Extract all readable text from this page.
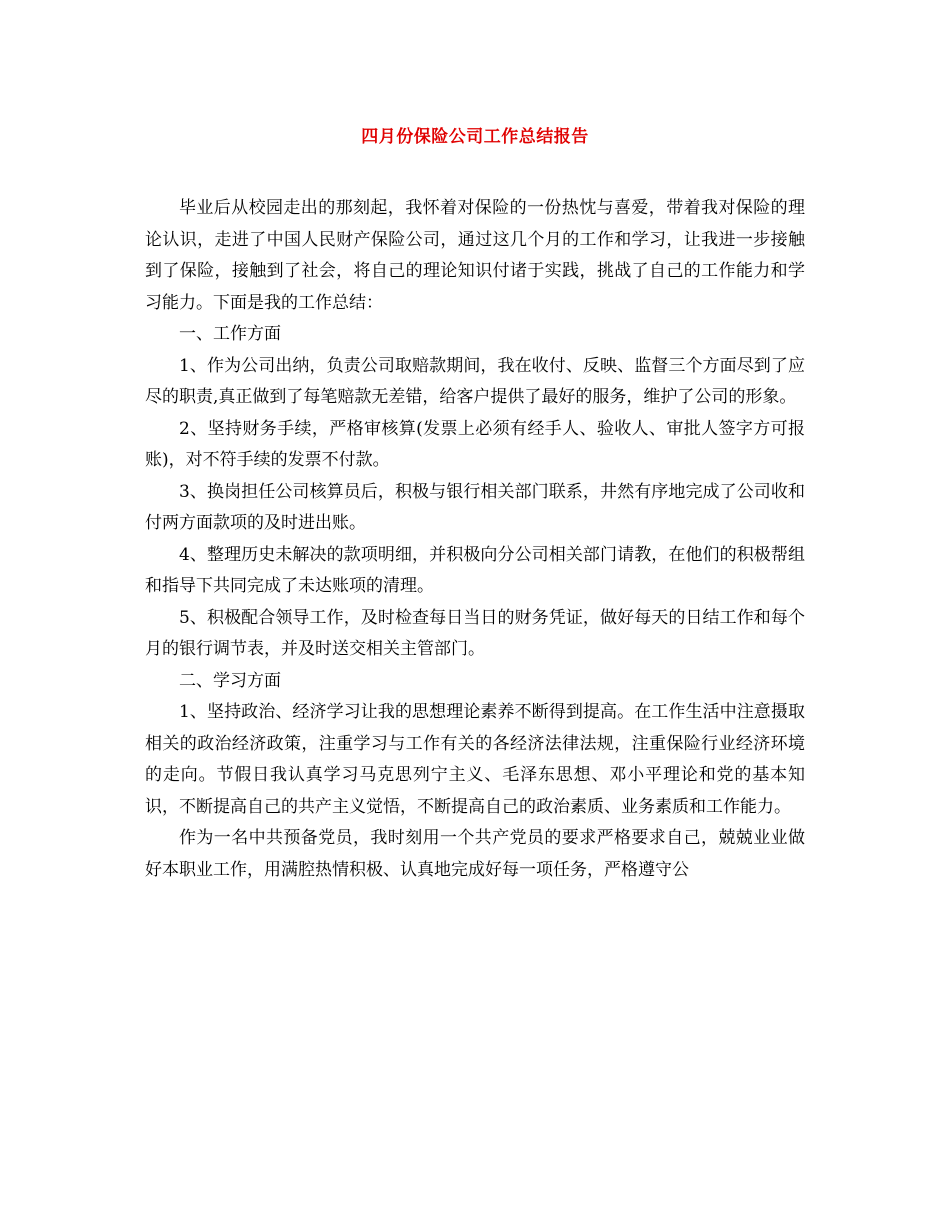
四月份保险公司工作总结报告

毕业后从校园走出的那刻起，我怀着对保险的一份热忱与喜爱，带着我对保险的理论认识，走进了中国人民财产保险公司，通过这几个月的工作和学习，让我进一步接触到了保险，接触到了社会，将自己的理论知识付诸于实践，挑战了自己的工作能力和学习能力。下面是我的工作总结：

一、工作方面

1、作为公司出纳，负责公司取赔款期间，我在收付、反映、监督三个方面尽到了应尽的职责,真正做到了每笔赔款无差错，给客户提供了最好的服务，维护了公司的形象。

2、坚持财务手续，严格审核算(发票上必须有经手人、验收人、审批人签字方可报账)，对不符手续的发票不付款。

3、换岗担任公司核算员后，积极与银行相关部门联系，井然有序地完成了公司收和付两方面款项的及时进出账。

4、整理历史未解决的款项明细，并积极向分公司相关部门请教，在他们的积极帮组和指导下共同完成了未达账项的清理。

5、积极配合领导工作，及时检查每日当日的财务凭证，做好每天的日结工作和每个月的银行调节表，并及时送交相关主管部门。

二、学习方面

1、坚持政治、经济学习让我的思想理论素养不断得到提高。在工作生活中注意摄取相关的政治经济政策，注重学习与工作有关的各经济法律法规，注重保险行业经济环境的走向。节假日我认真学习马克思列宁主义、毛泽东思想、邓小平理论和党的基本知识，不断提高自己的共产主义觉悟，不断提高自己的政治素质、业务素质和工作能力。

作为一名中共预备党员，我时刻用一个共产党员的要求严格要求自己，兢兢业业做好本职业工作，用满腔热情积极、认真地完成好每一项任务，严格遵守公
